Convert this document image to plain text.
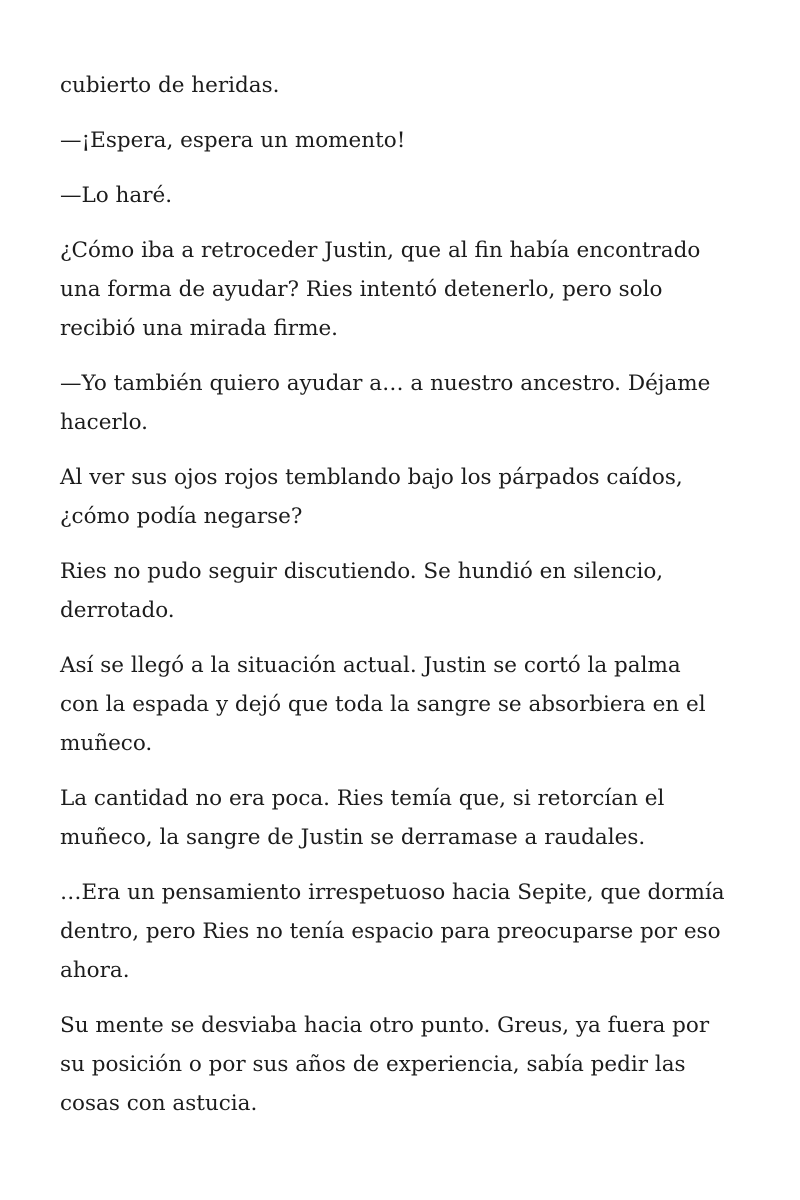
cubierto de heridas.

—¡Espera, espera un momento!

—Lo haré.

¿Cómo iba a retroceder Justin, que al fin había encontrado
una forma de ayudar? Ries intentó detenerlo, pero solo
recibió una mirada firme.

—Yo también quiero ayudar a… a nuestro ancestro. Déjame
hacerlo.

Al ver sus ojos rojos temblando bajo los párpados caídos,
¿cómo podía negarse?

Ries no pudo seguir discutiendo. Se hundió en silencio,
derrotado.

Así se llegó a la situación actual. Justin se cortó la palma
con la espada y dejó que toda la sangre se absorbiera en el
muñeco.

La cantidad no era poca. Ries temía que, si retorcían el
muñeco, la sangre de Justin se derramase a raudales.

…Era un pensamiento irrespetuoso hacia Sepite, que dormía
dentro, pero Ries no tenía espacio para preocuparse por eso
ahora.

Su mente se desviaba hacia otro punto. Greus, ya fuera por
su posición o por sus años de experiencia, sabía pedir las
cosas con astucia.
